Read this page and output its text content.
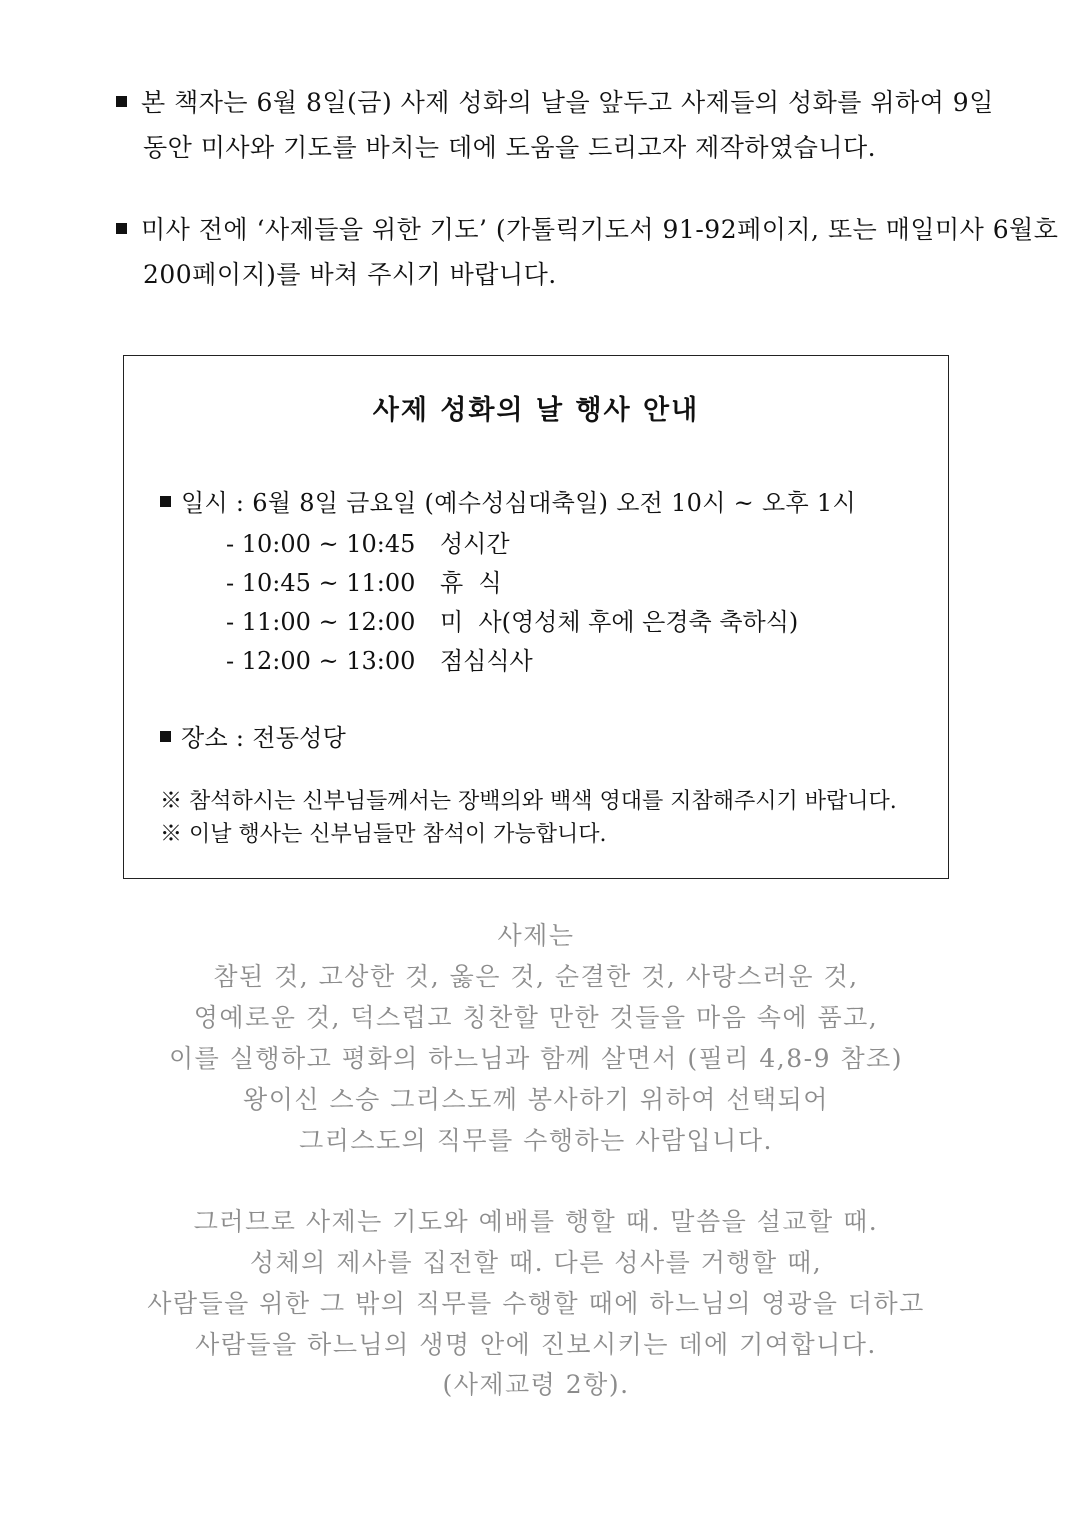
본 책자는 6월 8일(금) 사제 성화의 날을 앞두고 사제들의 성화를 위하여 9일
동안 미사와 기도를 바치는 데에 도움을 드리고자 제작하였습니다.
미사 전에 ‘사제들을 위한 기도’ (가톨릭기도서 91-92페이지, 또는 매일미사 6월호
200페이지)를 바쳐 주시기 바랍니다.
사제 성화의 날 행사 안내
일시 : 6월 8일 금요일 (예수성심대축일) 오전 10시 ~ 오후 1시
- 10:00 ~ 10:45 성시간
- 10:45 ~ 11:00 휴  식
- 11:00 ~ 12:00 미  사(영성체 후에 은경축 축하식)
- 12:00 ~ 13:00 점심식사
장소 : 전동성당
※ 참석하시는 신부님들께서는 장백의와 백색 영대를 지참해주시기 바랍니다.
※ 이날 행사는 신부님들만 참석이 가능합니다.
사제는
참된 것, 고상한 것, 옳은 것, 순결한 것, 사랑스러운 것,
영예로운 것, 덕스럽고 칭찬할 만한 것들을 마음 속에 품고,
이를 실행하고 평화의 하느님과 함께 살면서 (필리 4,8-9 참조)
왕이신 스승 그리스도께 봉사하기 위하여 선택되어
그리스도의 직무를 수행하는 사람입니다.
그러므로 사제는 기도와 예배를 행할 때. 말씀을 설교할 때.
성체의 제사를 집전할 때. 다른 성사를 거행할 때,
사람들을 위한 그 밖의 직무를 수행할 때에 하느님의 영광을 더하고
사람들을 하느님의 생명 안에 진보시키는 데에 기여합니다.
(사제교령 2항).
